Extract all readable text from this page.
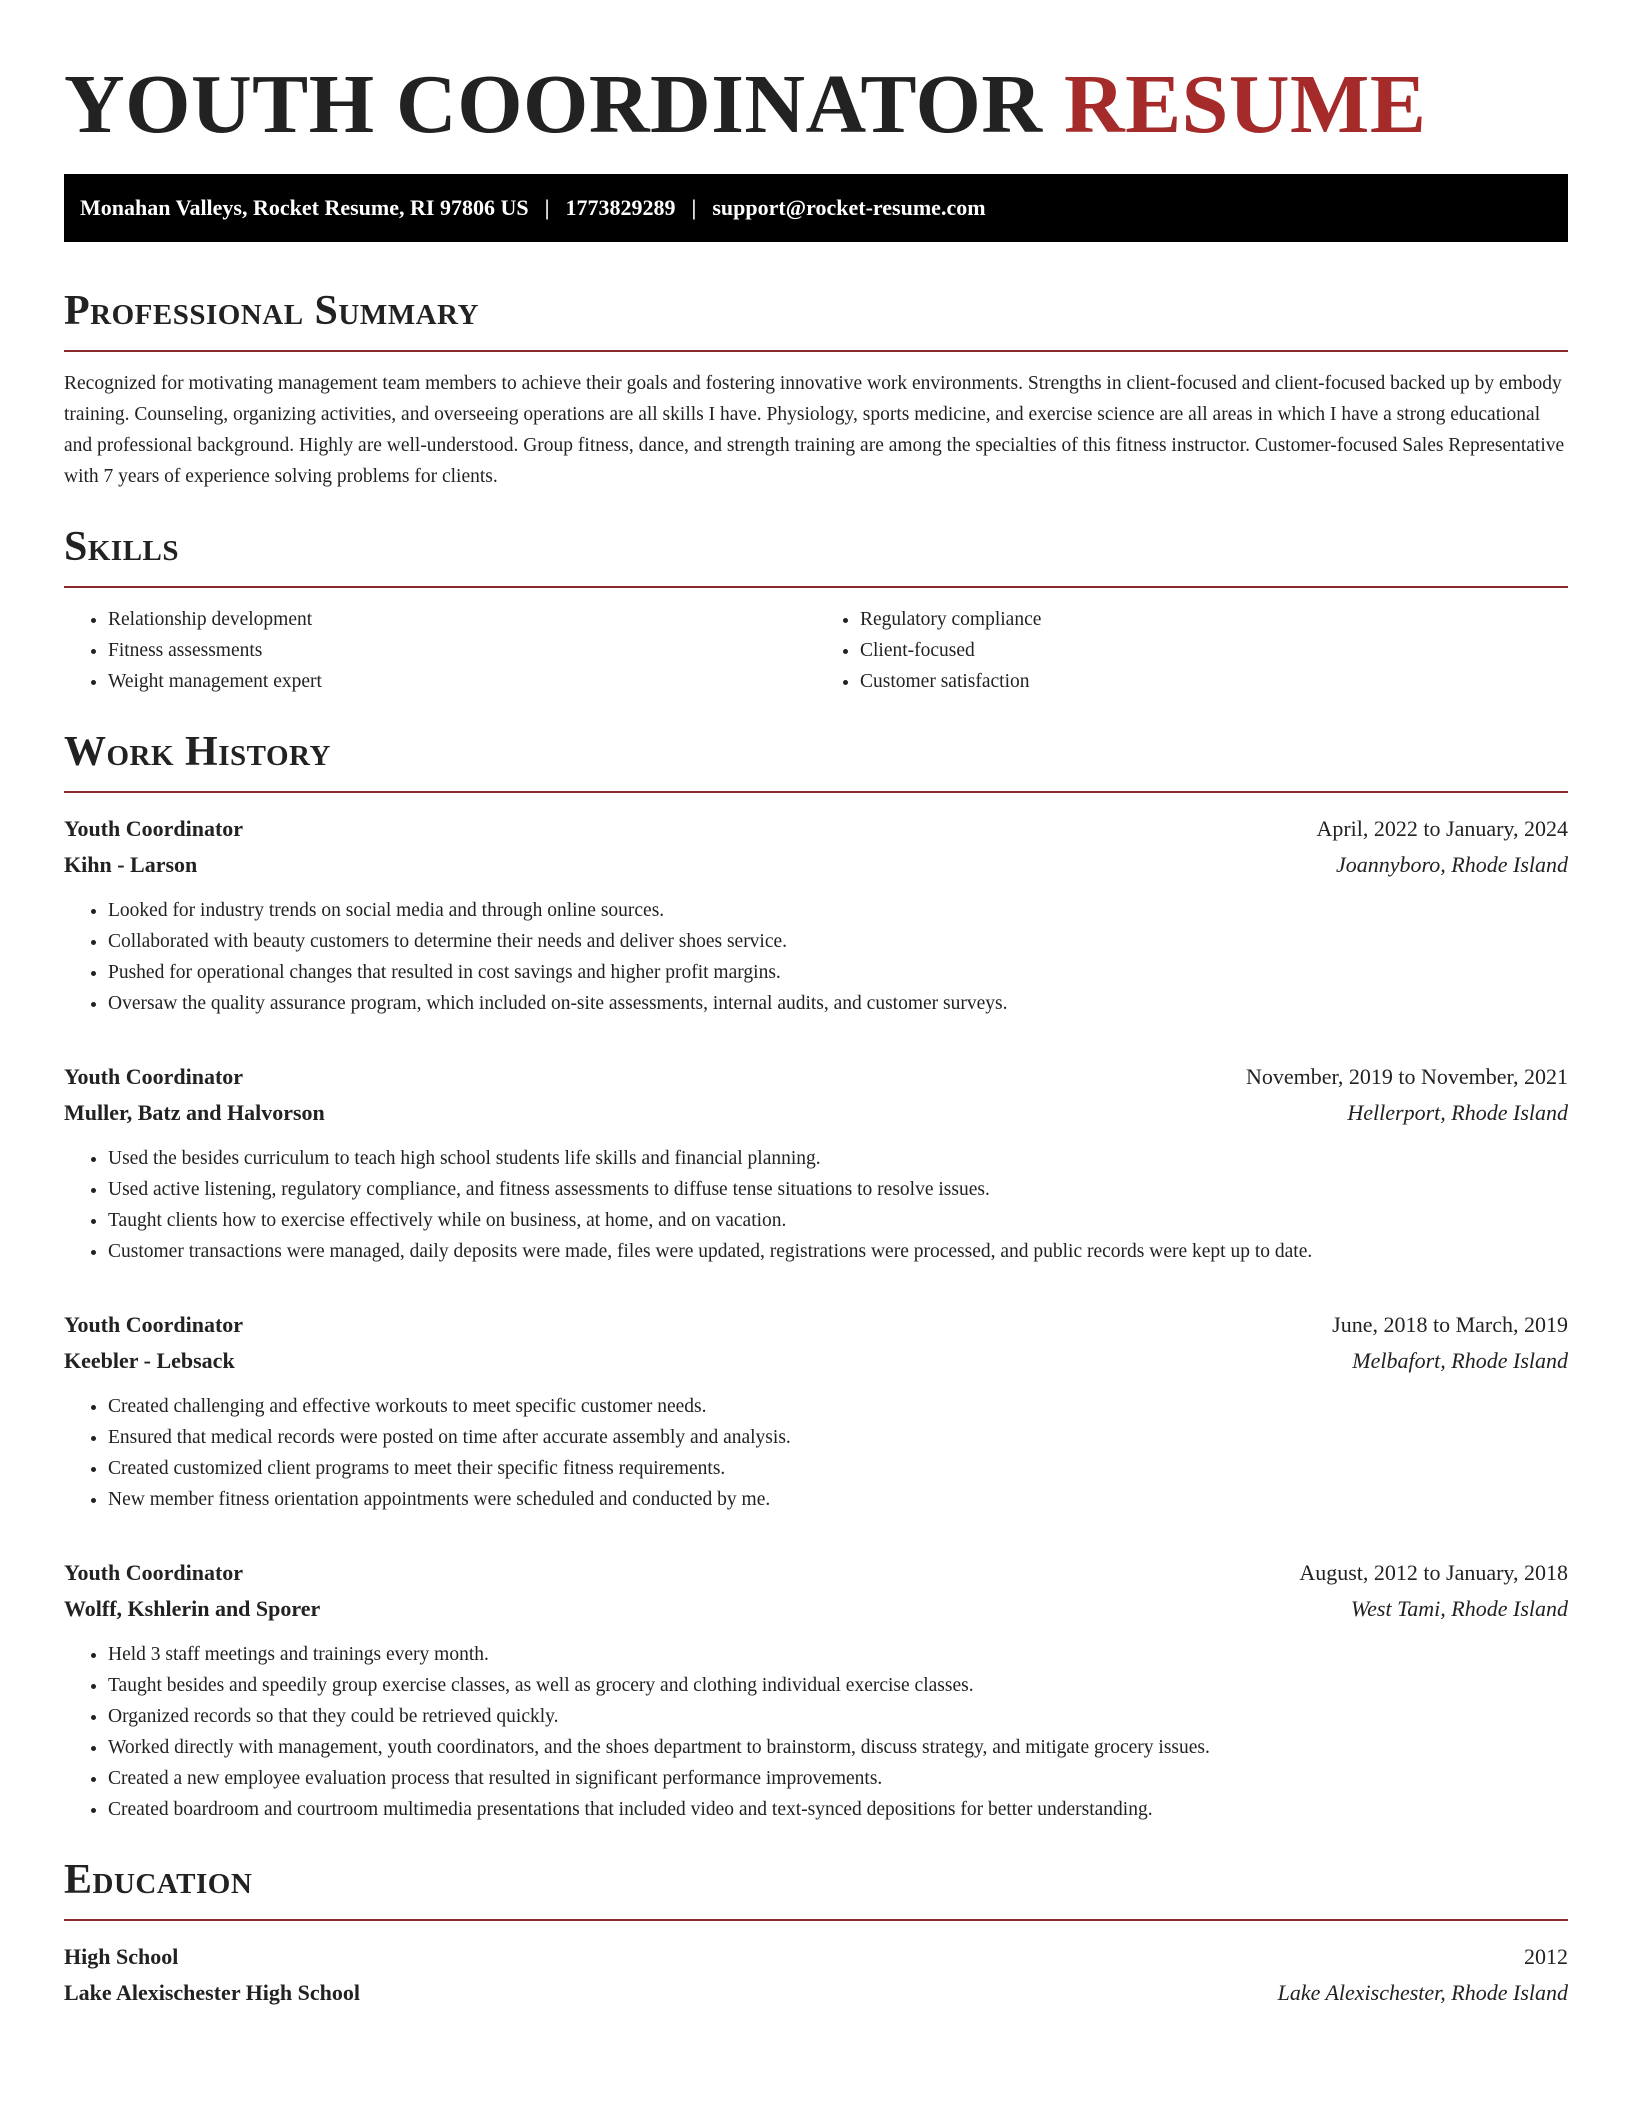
YOUTH COORDINATOR RESUME
Monahan Valleys, Rocket Resume, RI 97806 US | 1773829289 | support@rocket-resume.com
Professional Summary

Recognized for motivating management team members to achieve their goals and fostering innovative work environments. Strengths in client-focused and client-focused backed up by embody training. Counseling, organizing activities, and overseeing operations are all skills I have. Physiology, sports medicine, and exercise science are all areas in which I have a strong educational and professional background. Highly are well-understood. Group fitness, dance, and strength training are among the specialties of this fitness instructor. Customer-focused Sales Representative with 7 years of experience solving problems for clients.

Skills
• Relationship development
• Fitness assessments
• Weight management expert
• Regulatory compliance
• Client-focused
• Customer satisfaction
Work History
Youth Coordinator	April, 2022 to January, 2024
Kihn - Larson	Joannyboro, Rhode Island
• Looked for industry trends on social media and through online sources.
• Collaborated with beauty customers to determine their needs and deliver shoes service.
• Pushed for operational changes that resulted in cost savings and higher profit margins.
• Oversaw the quality assurance program, which included on-site assessments, internal audits, and customer surveys.
Youth Coordinator	November, 2019 to November, 2021
Muller, Batz and Halvorson	Hellerport, Rhode Island
• Used the besides curriculum to teach high school students life skills and financial planning.
• Used active listening, regulatory compliance, and fitness assessments to diffuse tense situations to resolve issues.
• Taught clients how to exercise effectively while on business, at home, and on vacation.
• Customer transactions were managed, daily deposits were made, files were updated, registrations were processed, and public records were kept up to date.
Youth Coordinator	June, 2018 to March, 2019
Keebler - Lebsack	Melbafort, Rhode Island
• Created challenging and effective workouts to meet specific customer needs.
• Ensured that medical records were posted on time after accurate assembly and analysis.
• Created customized client programs to meet their specific fitness requirements.
• New member fitness orientation appointments were scheduled and conducted by me.
Youth Coordinator	August, 2012 to January, 2018
Wolff, Kshlerin and Sporer	West Tami, Rhode Island
• Held 3 staff meetings and trainings every month.
• Taught besides and speedily group exercise classes, as well as grocery and clothing individual exercise classes.
• Organized records so that they could be retrieved quickly.
• Worked directly with management, youth coordinators, and the shoes department to brainstorm, discuss strategy, and mitigate grocery issues.
• Created a new employee evaluation process that resulted in significant performance improvements.
• Created boardroom and courtroom multimedia presentations that included video and text-synced depositions for better understanding.
Education
High School	2012
Lake Alexischester High School	Lake Alexischester, Rhode Island
